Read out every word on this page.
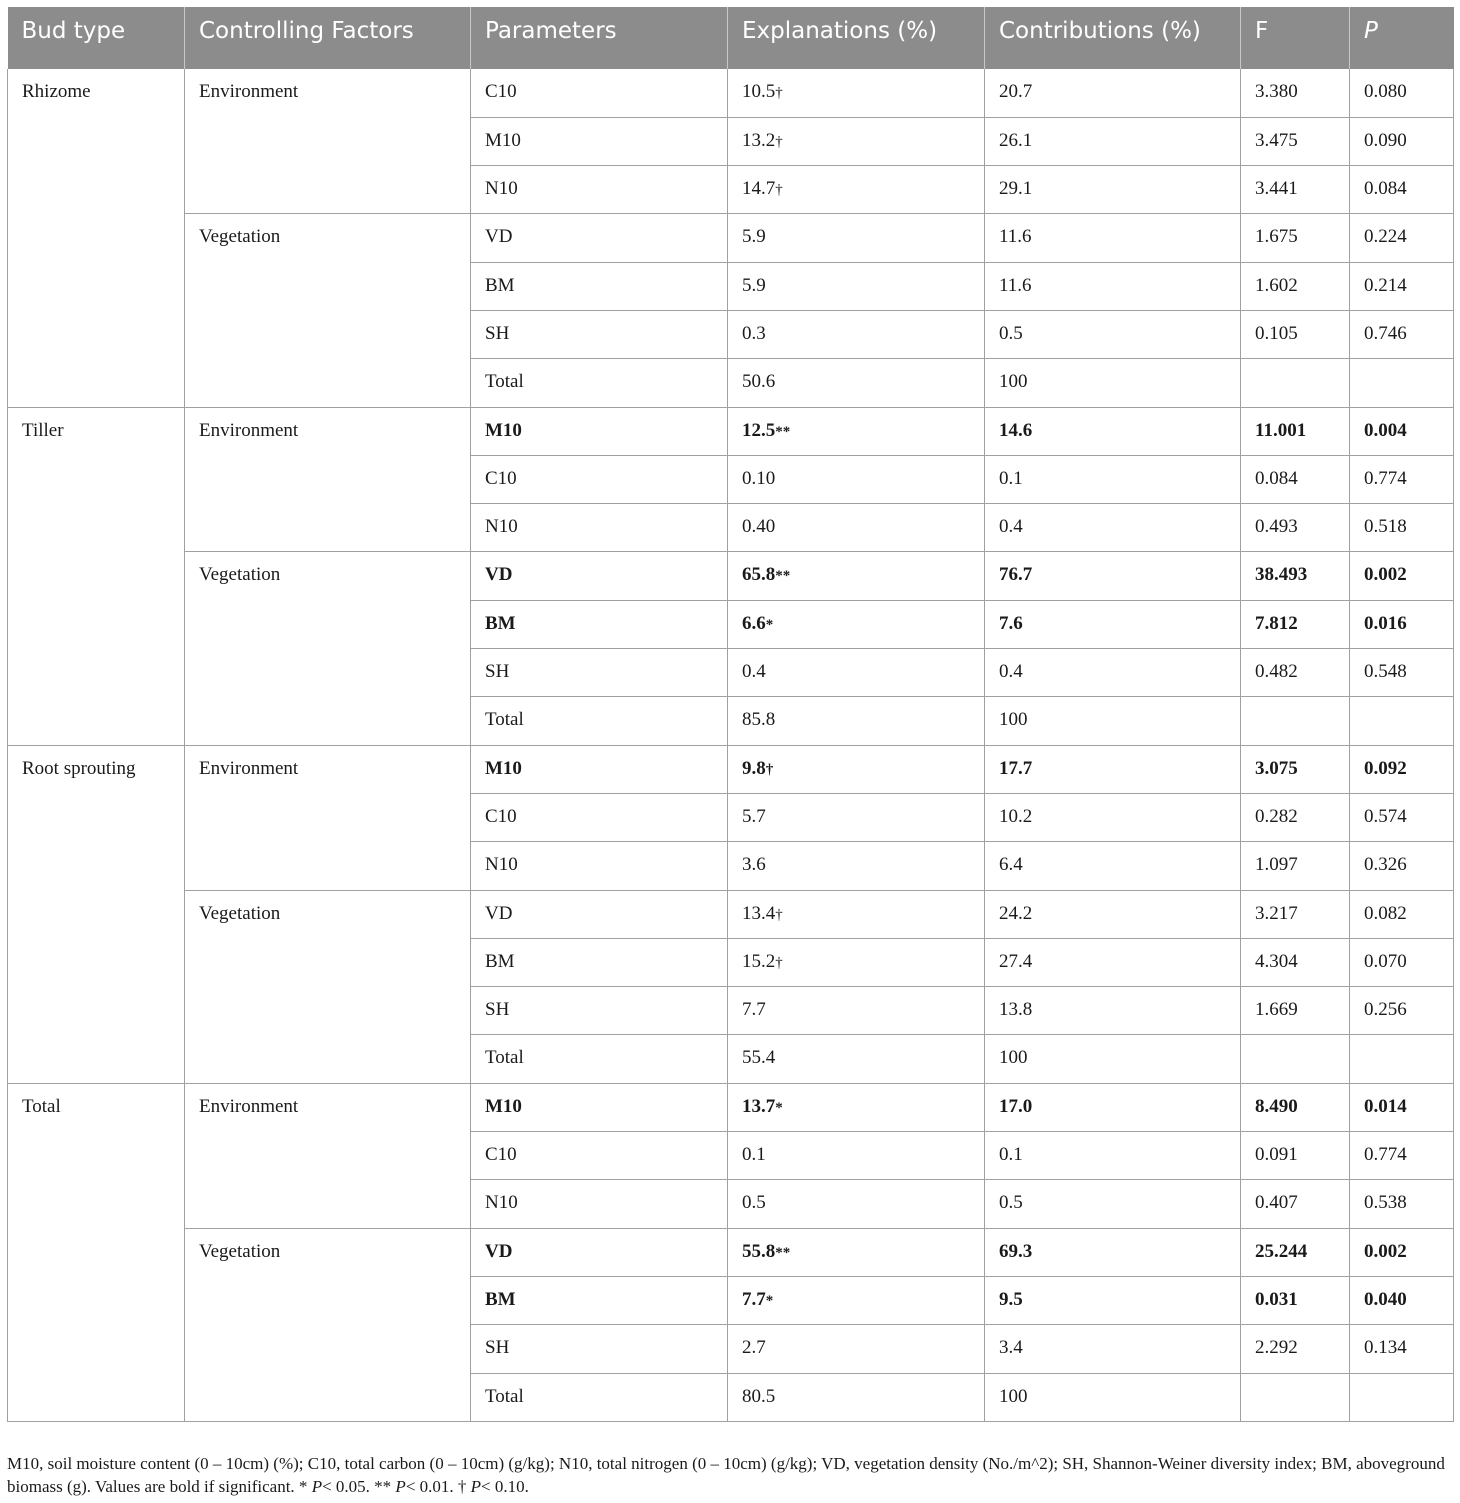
Bud type	Controlling Factors	Parameters	Explanations (%)	Contributions (%)	F	P
Rhizome	Environment	C10	10.5†	20.7	3.380	0.080
		M10	13.2†	26.1	3.475	0.090
		N10	14.7†	29.1	3.441	0.084
	Vegetation	VD	5.9	11.6	1.675	0.224
		BM	5.9	11.6	1.602	0.214
		SH	0.3	0.5	0.105	0.746
		Total	50.6	100		
Tiller	Environment	M10	12.5**	14.6	11.001	0.004
		C10	0.10	0.1	0.084	0.774
		N10	0.40	0.4	0.493	0.518
	Vegetation	VD	65.8**	76.7	38.493	0.002
		BM	6.6*	7.6	7.812	0.016
		SH	0.4	0.4	0.482	0.548
		Total	85.8	100		
Root sprouting	Environment	M10	9.8†	17.7	3.075	0.092
		C10	5.7	10.2	0.282	0.574
		N10	3.6	6.4	1.097	0.326
	Vegetation	VD	13.4†	24.2	3.217	0.082
		BM	15.2†	27.4	4.304	0.070
		SH	7.7	13.8	1.669	0.256
		Total	55.4	100		
Total	Environment	M10	13.7*	17.0	8.490	0.014
		C10	0.1	0.1	0.091	0.774
		N10	0.5	0.5	0.407	0.538
	Vegetation	VD	55.8**	69.3	25.244	0.002
		BM	7.7*	9.5	0.031	0.040
		SH	2.7	3.4	2.292	0.134
		Total	80.5	100		
M10, soil moisture content (0 – 10cm) (%); C10, total carbon (0 – 10cm) (g/kg); N10, total nitrogen (0 – 10cm) (g/kg); VD, vegetation density (No./m^2); SH, Shannon-Weiner diversity index; BM, aboveground biomass (g). Values are bold if significant. * P< 0.05. ** P< 0.01. † P< 0.10.
